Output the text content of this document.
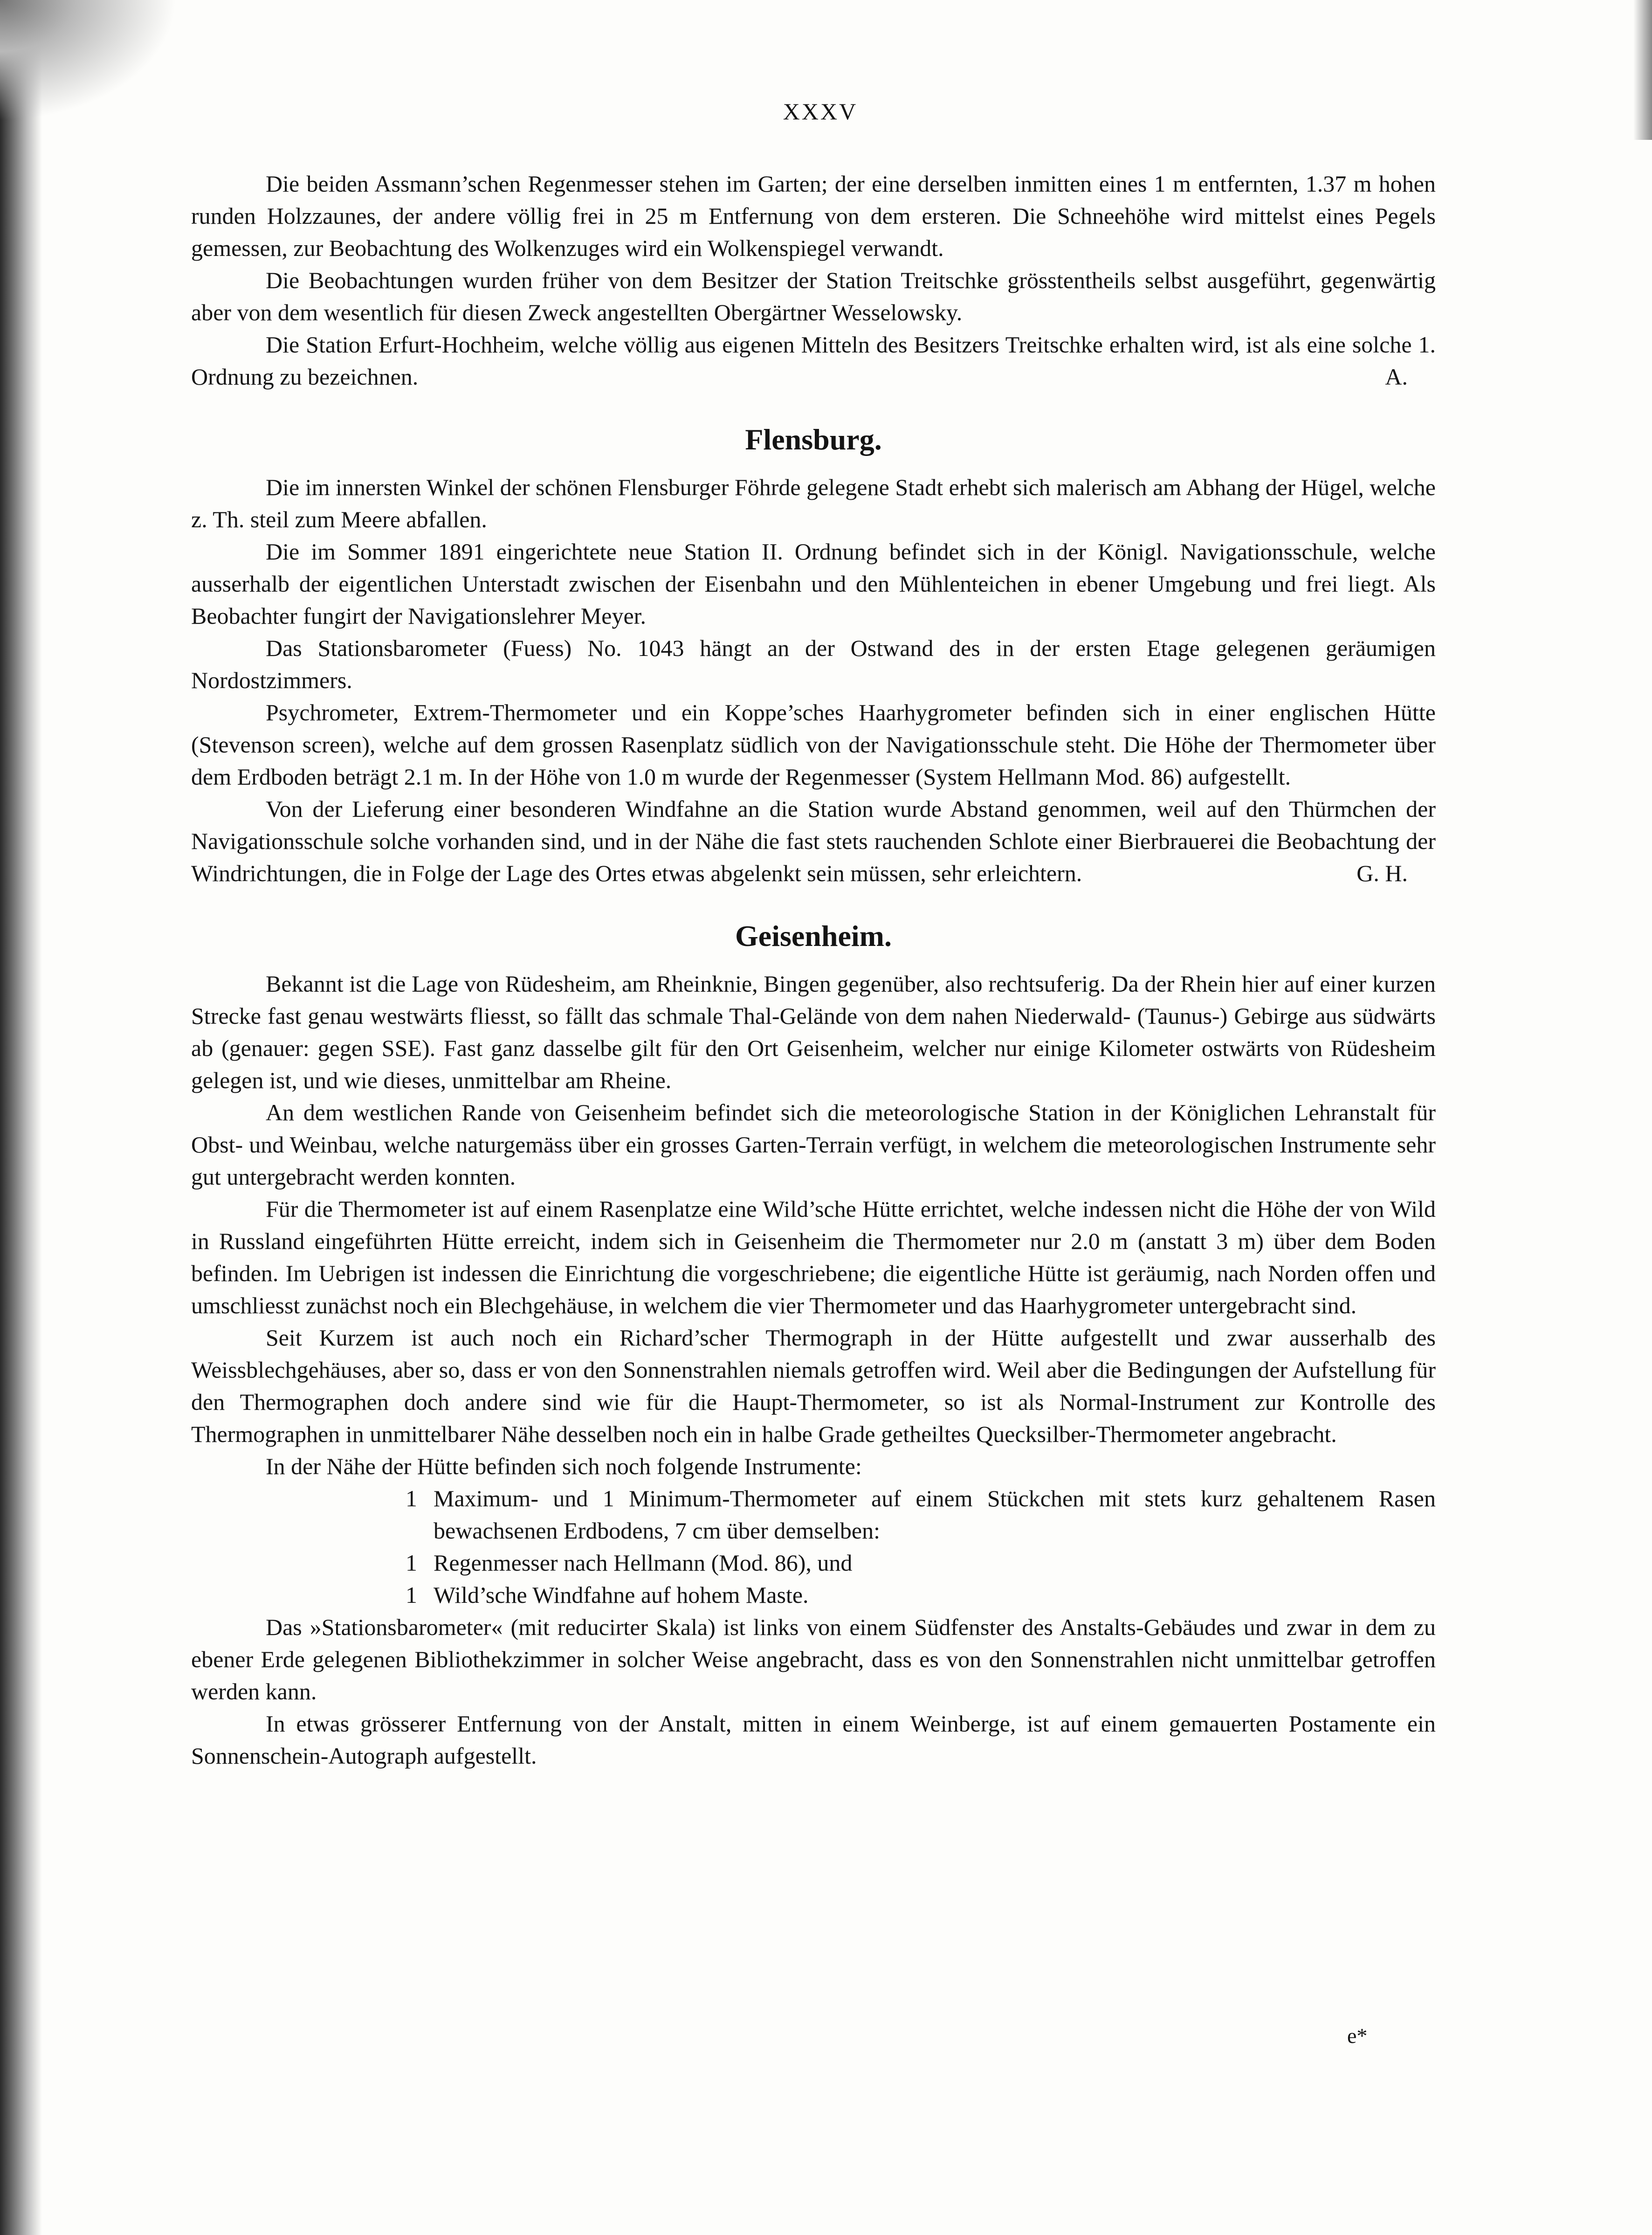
XXXV

Die beiden Assmann’schen Regenmesser stehen im Garten; der eine derselben inmitten eines 1 m entfernten, 1.37 m hohen runden Holzzaunes, der andere völlig frei in 25 m Entfernung von dem ersteren. Die Schneehöhe wird mittelst eines Pegels gemessen, zur Beobachtung des Wolkenzuges wird ein Wolkenspiegel verwandt.

Die Beobachtungen wurden früher von dem Besitzer der Station Treitschke grösstentheils selbst ausgeführt, gegenwärtig aber von dem wesentlich für diesen Zweck angestellten Obergärtner Wesselowsky.

Die Station Erfurt-Hochheim, welche völlig aus eigenen Mitteln des Besitzers Treitschke erhalten wird, ist als eine solche 1. Ordnung zu bezeichnen.	A.

Flensburg.

Die im innersten Winkel der schönen Flensburger Föhrde gelegene Stadt erhebt sich malerisch am Abhang der Hügel, welche z. Th. steil zum Meere abfallen.

Die im Sommer 1891 eingerichtete neue Station II. Ordnung befindet sich in der Königl. Navigationsschule, welche ausserhalb der eigentlichen Unterstadt zwischen der Eisenbahn und den Mühlenteichen in ebener Umgebung und frei liegt. Als Beobachter fungirt der Navigationslehrer Meyer.

Das Stationsbarometer (Fuess) No. 1043 hängt an der Ostwand des in der ersten Etage gelegenen geräumigen Nordostzimmers.

Psychrometer, Extrem-Thermometer und ein Koppe’sches Haarhygrometer befinden sich in einer englischen Hütte (Stevenson screen), welche auf dem grossen Rasenplatz südlich von der Navigationsschule steht. Die Höhe der Thermometer über dem Erdboden beträgt 2.1 m. In der Höhe von 1.0 m wurde der Regenmesser (System Hellmann Mod. 86) aufgestellt.

Von der Lieferung einer besonderen Windfahne an die Station wurde Abstand genommen, weil auf den Thürmchen der Navigationsschule solche vorhanden sind, und in der Nähe die fast stets rauchenden Schlote einer Bierbrauerei die Beobachtung der Windrichtungen, die in Folge der Lage des Ortes etwas abgelenkt sein müssen, sehr erleichtern.	G. H.

Geisenheim.

Bekannt ist die Lage von Rüdesheim, am Rheinknie, Bingen gegenüber, also rechtsuferig. Da der Rhein hier auf einer kurzen Strecke fast genau westwärts fliesst, so fällt das schmale Thal-Gelände von dem nahen Niederwald- (Taunus-) Gebirge aus südwärts ab (genauer: gegen SSE). Fast ganz dasselbe gilt für den Ort Geisenheim, welcher nur einige Kilometer ostwärts von Rüdesheim gelegen ist, und wie dieses, unmittelbar am Rheine.

An dem westlichen Rande von Geisenheim befindet sich die meteorologische Station in der Königlichen Lehranstalt für Obst- und Weinbau, welche naturgemäss über ein grosses Garten-Terrain verfügt, in welchem die meteorologischen Instrumente sehr gut untergebracht werden konnten.

Für die Thermometer ist auf einem Rasenplatze eine Wild’sche Hütte errichtet, welche indessen nicht die Höhe der von Wild in Russland eingeführten Hütte erreicht, indem sich in Geisenheim die Thermometer nur 2.0 m (anstatt 3 m) über dem Boden befinden. Im Uebrigen ist indessen die Einrichtung die vorgeschriebene; die eigentliche Hütte ist geräumig, nach Norden offen und umschliesst zunächst noch ein Blechgehäuse, in welchem die vier Thermometer und das Haarhygrometer untergebracht sind.

Seit Kurzem ist auch noch ein Richard’scher Thermograph in der Hütte aufgestellt und zwar ausserhalb des Weissblechgehäuses, aber so, dass er von den Sonnenstrahlen niemals getroffen wird. Weil aber die Bedingungen der Aufstellung für den Thermographen doch andere sind wie für die Haupt-Thermometer, so ist als Normal-Instrument zur Kontrolle des Thermographen in unmittelbarer Nähe desselben noch ein in halbe Grade getheiltes Quecksilber-Thermometer angebracht.

In der Nähe der Hütte befinden sich noch folgende Instrumente:

1 Maximum- und 1 Minimum-Thermometer auf einem Stückchen mit stets kurz gehaltenem Rasen bewachsenen Erdbodens, 7 cm über demselben:

1 Regenmesser nach Hellmann (Mod. 86), und

1 Wild’sche Windfahne auf hohem Maste.

Das »Stationsbarometer« (mit reducirter Skala) ist links von einem Südfenster des Anstalts-Gebäudes und zwar in dem zu ebener Erde gelegenen Bibliothekzimmer in solcher Weise angebracht, dass es von den Sonnenstrahlen nicht unmittelbar getroffen werden kann.

In etwas grösserer Entfernung von der Anstalt, mitten in einem Weinberge, ist auf einem gemauerten Postamente ein Sonnenschein-Autograph aufgestellt.

e*
